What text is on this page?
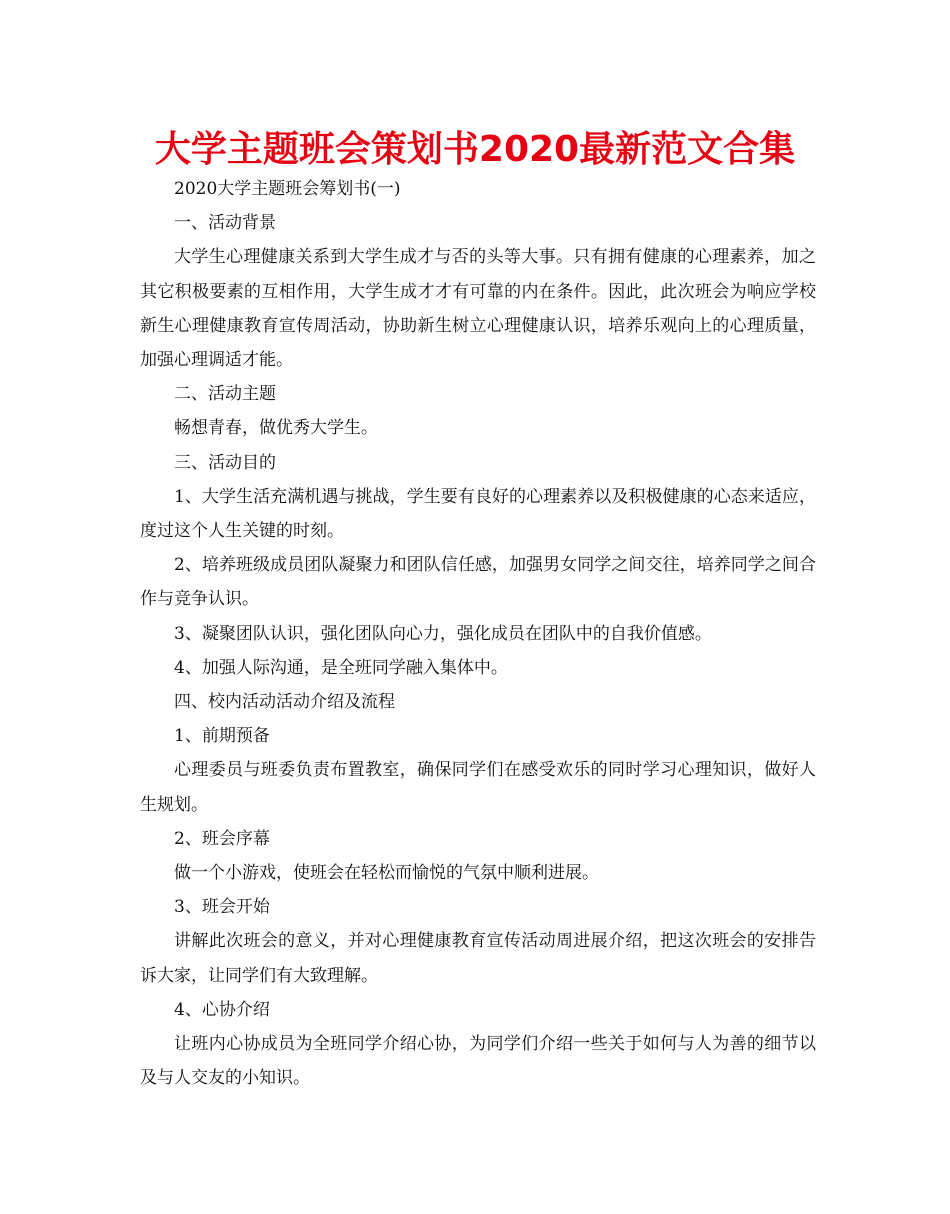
大学主题班会策划书2020最新范文合集

2020大学主题班会筹划书(一)

一、活动背景

大学生心理健康关系到大学生成才与否的头等大事。只有拥有健康的心理素养，加之其它积极要素的互相作用，大学生成才才有可靠的内在条件。因此，此次班会为响应学校新生心理健康教育宣传周活动，协助新生树立心理健康认识，培养乐观向上的心理质量，加强心理调适才能。

二、活动主题

畅想青春，做优秀大学生。

三、活动目的

1、大学生活充满机遇与挑战，学生要有良好的心理素养以及积极健康的心态来适应，度过这个人生关键的时刻。

2、培养班级成员团队凝聚力和团队信任感，加强男女同学之间交往，培养同学之间合作与竞争认识。

3、凝聚团队认识，强化团队向心力，强化成员在团队中的自我价值感。

4、加强人际沟通，是全班同学融入集体中。

四、校内活动活动介绍及流程

1、前期预备

心理委员与班委负责布置教室，确保同学们在感受欢乐的同时学习心理知识，做好人生规划。

2、班会序幕

做一个小游戏，使班会在轻松而愉悦的气氛中顺利进展。

3、班会开始

讲解此次班会的意义，并对心理健康教育宣传活动周进展介绍，把这次班会的安排告诉大家，让同学们有大致理解。

4、心协介绍

让班内心协成员为全班同学介绍心协，为同学们介绍一些关于如何与人为善的细节以及与人交友的小知识。
